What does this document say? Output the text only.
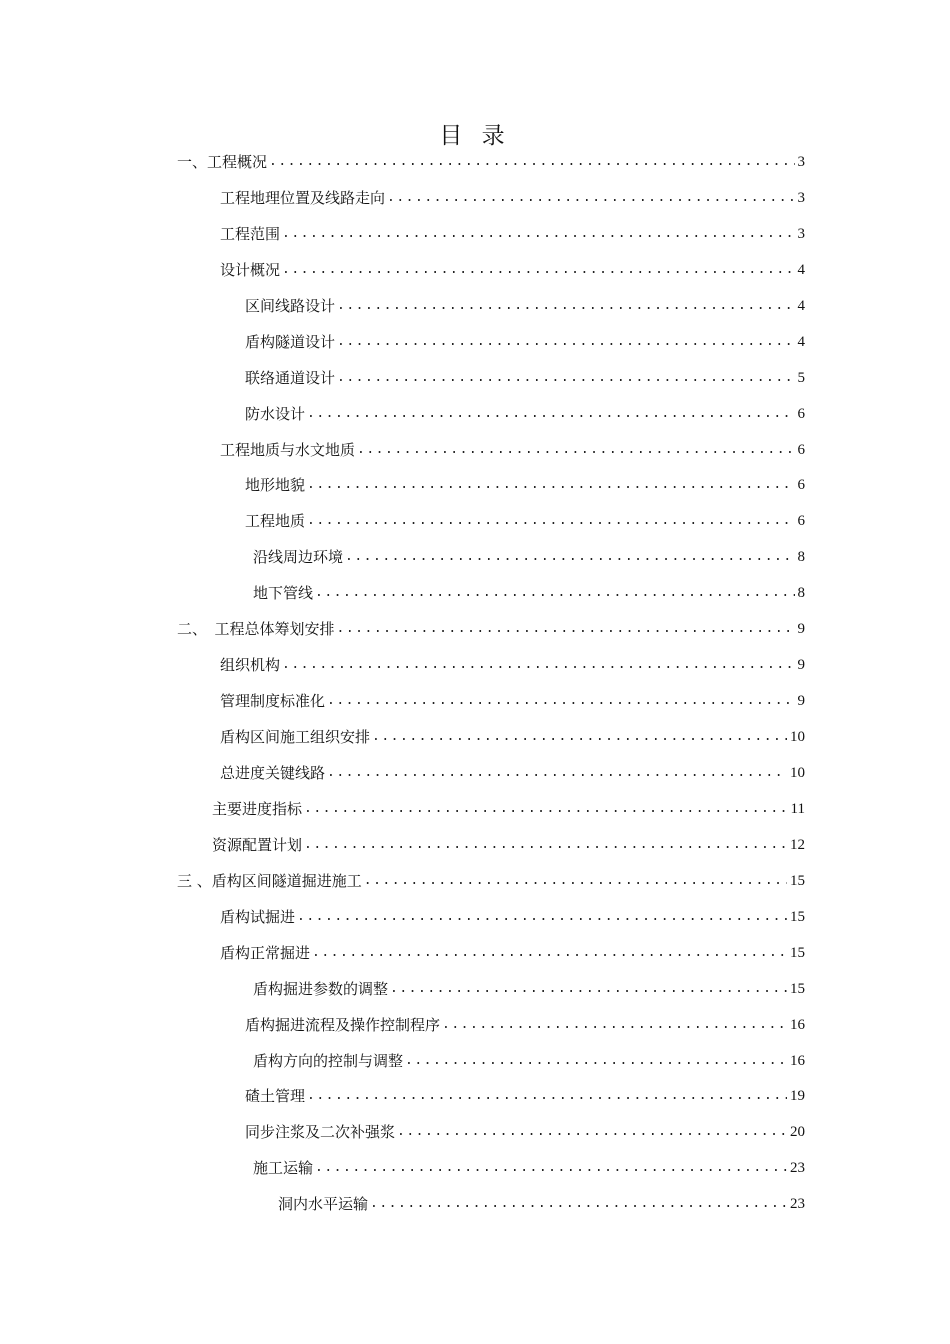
目 录
一、工程概况 .....	3
工程地理位置及线路走向 .....	3
工程范围 .....	3
设计概况 .....	4
区间线路设计 .....	4
盾构隧道设计 .....	4
联络通道设计 .....	5
防水设计 .....	6
工程地质与水文地质 .....	6
地形地貌 .....	6
工程地质 .....	6
沿线周边环境 .....	8
地下管线 .....	8
二、　工程总体筹划安排 .....	9
组织机构 .....	9
管理制度标准化 .....	9
盾构区间施工组织安排 .....	10
总进度关键线路 .....	10
主要进度指标 .....	11
资源配置计划 .....	12
三 、盾构区间隧道掘进施工 .....	15
盾构试掘进 .....	15
盾构正常掘进 .....	15
盾构掘进参数的调整 .....	15
盾构掘进流程及操作控制程序 .....	16
盾构方向的控制与调整 .....	16
碴土管理 .....	19
同步注浆及二次补强浆 .....	20
施工运输 .....	23
洞内水平运输 .....	23
